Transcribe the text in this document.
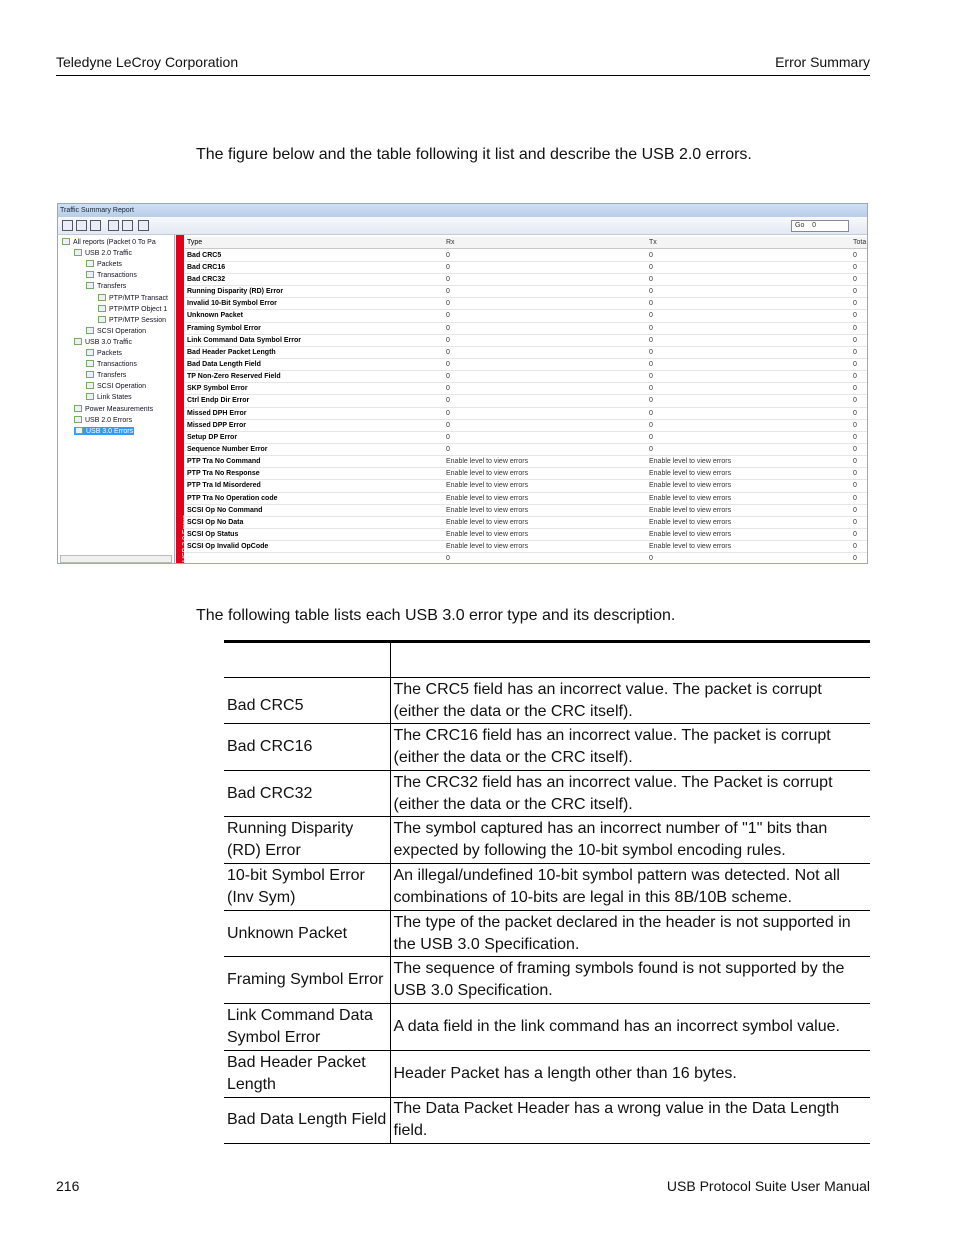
Teledyne LeCroy Corporation	Error Summary

The figure below and the table following it list and describe the USB 2.0 errors.

Traffic Summary Report
Go 0
All reports (Packet 0 To Pa
USB 2.0 Traffic
Packets
Transactions
Transfers
PTP/MTP Transact
PTP/MTP Object 1
PTP/MTP Session
SCSI Operation
USB 3.0 Traffic
Packets
Transactions
Transfers
SCSI Operation
Link States
Power Measurements
USB 2.0 Errors
USB 3.0 Errors
USB 3.0 Errors
Type	Rx	Tx	Tota
Bad CRC5	0	0	0
Bad CRC16	0	0	0
Bad CRC32	0	0	0
Running Disparity (RD) Error	0	0	0
Invalid 10-Bit Symbol Error	0	0	0
Unknown Packet	0	0	0
Framing Symbol Error	0	0	0
Link Command Data Symbol Error	0	0	0
Bad Header Packet Length	0	0	0
Bad Data Length Field	0	0	0
TP Non-Zero Reserved Field	0	0	0
SKP Symbol Error	0	0	0
Ctrl Endp Dir Error	0	0	0
Missed DPH Error	0	0	0
Missed DPP Error	0	0	0
Setup DP Error	0	0	0
Sequence Number Error	0	0	0
PTP Tra No Command	Enable level to view errors	Enable level to view errors	0
PTP Tra No Response	Enable level to view errors	Enable level to view errors	0
PTP Tra Id Misordered	Enable level to view errors	Enable level to view errors	0
PTP Tra No Operation code	Enable level to view errors	Enable level to view errors	0
SCSI Op No Command	Enable level to view errors	Enable level to view errors	0
SCSI Op No Data	Enable level to view errors	Enable level to view errors	0
SCSI Op Status	Enable level to view errors	Enable level to view errors	0
SCSI Op Invalid OpCode	Enable level to view errors	Enable level to view errors	0
0	0	0

The following table lists each USB 3.0 error type and its description.

Bad CRC5	The CRC5 field has an incorrect value. The packet is corrupt (either the data or the CRC itself).
Bad CRC16	The CRC16 field has an incorrect value. The packet is corrupt (either the data or the CRC itself).
Bad CRC32	The CRC32 field has an incorrect value. The Packet is corrupt (either the data or the CRC itself).
Running Disparity (RD) Error	The symbol captured has an incorrect number of "1" bits than expected by following the 10-bit symbol encoding rules.
10-bit Symbol Error (Inv Sym)	An illegal/undefined 10-bit symbol pattern was detected. Not all combinations of 10-bits are legal in this 8B/10B scheme.
Unknown Packet	The type of the packet declared in the header is not supported in the USB 3.0 Specification.
Framing Symbol Error	The sequence of framing symbols found is not supported by the USB 3.0 Specification.
Link Command Data Symbol Error	A data field in the link command has an incorrect symbol value.
Bad Header Packet Length	Header Packet has a length other than 16 bytes.
Bad Data Length Field	The Data Packet Header has a wrong value in the Data Length field.
216	USB Protocol Suite User Manual
